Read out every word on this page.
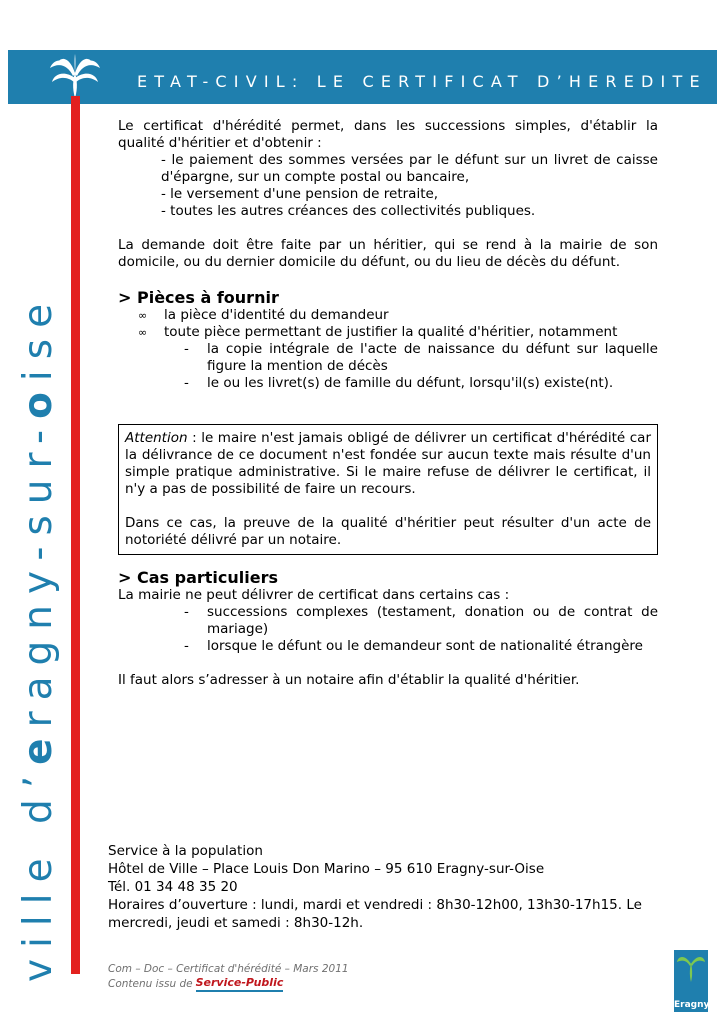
ETAT-CIVIL: LE CERTIFICAT D’HEREDITE
ville d’eragny-sur-oise

Le certificat d'hérédité permet, dans les successions simples, d'établir la qualité d'héritier et d'obtenir :

- le paiement des sommes versées par le défunt sur un livret de caisse d'épargne, sur un compte postal ou bancaire,

- le versement d'une pension de retraite,

- toutes les autres créances des collectivités publiques.

La demande doit être faite par un héritier, qui se rend à la mairie de son domicile, ou du dernier domicile du défunt, ou du lieu de décès du défunt.

> Pièces à fournir

∞ la pièce d'identité du demandeur
∞ toute pièce permettant de justifier la qualité d'héritier, notamment
- la copie intégrale de l'acte de naissance du défunt sur laquelle figure la mention de décès
- le ou les livret(s) de famille du défunt, lorsqu'il(s) existe(nt).

Attention : le maire n'est jamais obligé de délivrer un certificat d'hérédité car la délivrance de ce document n'est fondée sur aucun texte mais résulte d'un simple pratique administrative. Si le maire refuse de délivrer le certificat, il n'y a pas de possibilité de faire un recours.

Dans ce cas, la preuve de la qualité d'héritier peut résulter d'un acte de notoriété délivré par un notaire.

> Cas particuliers

La mairie ne peut délivrer de certificat dans certains cas :

- successions complexes (testament, donation ou de contrat de mariage)
- lorsque le défunt ou le demandeur sont de nationalité étrangère

Il faut alors s’adresser à un notaire afin d'établir la qualité d'héritier.

Service à la population

Hôtel de Ville – Place Louis Don Marino – 95 610 Eragny-sur-Oise

Tél. 01 34 48 35 20

Horaires d’ouverture : lundi, mardi et vendredi : 8h30-12h00, 13h30-17h15. Le mercredi, jeudi et samedi : 8h30-12h.

Com – Doc – Certificat d'hérédité – Mars 2011
Contenu issu de Service-Public
Eragny
